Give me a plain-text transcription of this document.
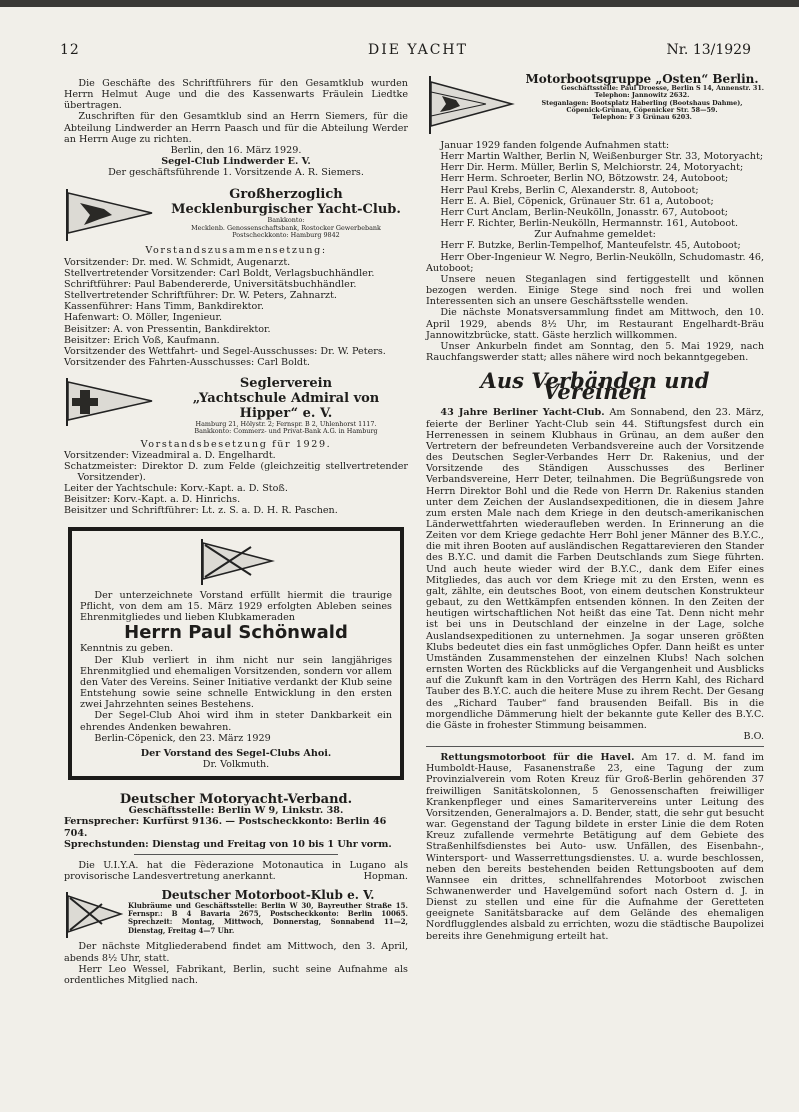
12	DIE YACHT	Nr. 13/1929

Die Geschäfte des Schriftführers für den Gesamtklub wurden Herrn Helmut Auge und die des Kassenwarts Fräulein Liedtke übertragen.

Zuschriften für den Gesamtklub sind an Herrn Siemers, für die Abteilung Lindwerder an Herrn Paasch und für die Abteilung Werder an Herrn Auge zu richten.

Berlin, den 16. März 1929.

Segel-Club Lindwerder E. V.

Der geschäftsführende 1. Vorsitzende A. R. Siemers.

Großherzoglich
Mecklenburgischer Yacht-Club.
Bankkonto:
Mecklenb. Genossenschaftsbank, Rostocker Gewerbebank
Postscheckkonto: Hamburg 9842

Vorstandszusammensetzung:

Vorsitzender: Dr. med. W. Schmidt, Augenarzt.

Stellvertretender Vorsitzender: Carl Boldt, Verlagsbuchhändler.

Schriftführer: Paul Babendererde, Universitätsbuchhändler.

Stellvertretender Schriftführer: Dr. W. Peters, Zahnarzt.

Kassenführer: Hans Timm, Bankdirektor.

Hafenwart: O. Möller, Ingenieur.

Beisitzer: A. von Pressentin, Bankdirektor.

Beisitzer: Erich Voß, Kaufmann.

Vorsitzender des Wettfahrt- und Segel-Ausschusses: Dr. W. Peters.

Vorsitzender des Fahrten-Ausschusses: Carl Boldt.

Seglerverein
„Yachtschule Admiral von Hipper“ e. V.
Hamburg 21, Hölystr. 2; Fernspr. B 2, Uhlenhorst 1117.
Bankkonto: Commerz- und Privat-Bank A.G. in Hamburg

Vorstandsbesetzung für 1929.

Vorsitzender: Vizeadmiral a. D. Engelhardt.

Schatzmeister: Direktor D. zum Felde (gleichzeitig stellvertretender Vorsitzender).

Leiter der Yachtschule: Korv.-Kapt. a. D. Stoß.

Beisitzer: Korv.-Kapt. a. D. Hinrichs.

Beisitzer und Schriftführer: Lt. z. S. a. D. H. R. Paschen.

Der unterzeichnete Vorstand erfüllt hiermit die traurige Pflicht, von dem am 15. März 1929 erfolgten Ableben seines Ehrenmitgliedes und lieben Klubkameraden

Herrn Paul Schönwald

Kenntnis zu geben.

Der Klub verliert in ihm nicht nur sein langjähriges Ehrenmitglied und ehemaligen Vorsitzenden, sondern vor allem den Vater des Vereins. Seiner Initiative verdankt der Klub seine Entstehung sowie seine schnelle Entwicklung in den ersten zwei Jahrzehnten seines Bestehens.

Der Segel-Club Ahoi wird ihm in steter Dankbarkeit ein ehrendes Andenken bewahren.

Berlin-Cöpenick, den 23. März 1929

Der Vorstand des Segel-Clubs Ahoi.

Dr. Volkmuth.

Deutscher Motoryacht-Verband.

Geschäftsstelle: Berlin W 9, Linkstr. 38.

Fernsprecher: Kurfürst 9136. — Postscheckkonto: Berlin 46 704.

Sprechstunden: Dienstag und Freitag von 10 bis 1 Uhr vorm.

Die U.I.Y.A. hat die Fèderazione Motonautica in Lugano als provisorische Landesvertretung anerkannt.	Hopman.

Deutscher Motorboot-Klub e. V.
Klubräume und Geschäftsstelle: Berlin W 30, Bayreuther Straße 15. Fernspr.: B 4 Bavaria 2675, Postscheckkonto: Berlin 10065. Sprechzeit: Montag, Mittwoch, Donnerstag, Sonnabend 11—2, Dienstag, Freitag 4—7 Uhr.

Der nächste Mitgliederabend findet am Mittwoch, den 3. April, abends 8½ Uhr, statt.

Herr Leo Wessel, Fabrikant, Berlin, sucht seine Aufnahme als ordentliches Mitglied nach.

Motorbootsgruppe „Osten“ Berlin.
Geschäftsstelle: Paul Droesse, Berlin S 14, Annenstr. 31.
Telephon: Jannowitz 2632.
Steganlagen: Bootsplatz Haberling (Bootshaus Dahme),
Cöpenick-Grünau, Cöpenicker Str. 58—59.
Telephon: F 3 Grünau 6203.

Januar 1929 fanden folgende Aufnahmen statt:

Herr Martin Walther, Berlin N, Weißenburger Str. 33, Motoryacht;

Herr Dir. Herm. Müller, Berlin S, Melchiorstr. 24, Motoryacht;

Herr Herm. Schroeter, Berlin NO, Bötzowstr. 24, Autoboot;

Herr Paul Krebs, Berlin C, Alexanderstr. 8, Autoboot;

Herr E. A. Biel, Cöpenick, Grünauer Str. 61 a, Autoboot;

Herr Curt Anclam, Berlin-Neukölln, Jonasstr. 67, Autoboot;

Herr F. Richter, Berlin-Neukölln, Hermannstr. 161, Autoboot.

Zur Aufnahme gemeldet:

Herr F. Butzke, Berlin-Tempelhof, Manteufelstr. 45, Autoboot;

Herr Ober-Ingenieur W. Negro, Berlin-Neukölln, Schudomastr. 46, Autoboot;

Unsere neuen Steganlagen sind fertiggestellt und können bezogen werden. Einige Stege sind noch frei und wollen Interessenten sich an unsere Geschäftsstelle wenden.

Die nächste Monatsversammlung findet am Mittwoch, den 10. April 1929, abends 8½ Uhr, im Restaurant Engelhardt-Bräu Jannowitzbrücke, statt. Gäste herzlich willkommen.

Unser Ankurbeln findet am Sonntag, den 5. Mai 1929, nach Rauchfangswerder statt; alles nähere wird noch bekanntgegeben.

Aus Verbänden und Vereinen

43 Jahre Berliner Yacht-Club. Am Sonnabend, den 23. März, feierte der Berliner Yacht-Club sein 44. Stiftungsfest durch ein Herrenessen in seinem Klubhaus in Grünau, an dem außer den Vertretern der befreundeten Verbandsvereine auch der Vorsitzende des Deutschen Segler-Verbandes Herr Dr. Rakenius, und der Vorsitzende des Ständigen Ausschusses des Berliner Verbandsvereine, Herr Deter, teilnahmen. Die Begrüßungsrede von Herrn Direktor Bohl und die Rede von Herrn Dr. Rakenius standen unter dem Zeichen der Auslandsexpeditionen, die in diesem Jahre zum ersten Male nach dem Kriege in den deutsch-amerikanischen Länderwettfahrten wiederaufleben werden. In Erinnerung an die Zeiten vor dem Kriege gedachte Herr Bohl jener Männer des B.Y.C., die mit ihren Booten auf ausländischen Regattarevieren den Stander des B.Y.C. und damit die Farben Deutschlands zum Siege führten. Und auch heute wieder wird der B.Y.C., dank dem Eifer eines Mitgliedes, das auch vor dem Kriege mit zu den Ersten, wenn es galt, zählte, ein deutsches Boot, von einem deutschen Konstrukteur gebaut, zu den Wettkämpfen entsenden können. In den Zeiten der heutigen wirtschaftlichen Not heißt das eine Tat. Denn nicht mehr ist bei uns in Deutschland der einzelne in der Lage, solche Auslandsexpeditionen zu unternehmen. Ja sogar unseren größten Klubs bedeutet dies ein fast unmögliches Opfer. Dann heißt es unter Umständen Zusammenstehen der einzelnen Klubs! Nach solchen ernsten Worten des Rückblicks auf die Vergangenheit und Ausblicks auf die Zukunft kam in den Vorträgen des Herrn Kahl, des Richard Tauber des B.Y.C. auch die heitere Muse zu ihrem Recht. Der Gesang des „Richard Tauber“ fand brausenden Beifall. Bis in die morgendliche Dämmerung hielt der bekannte gute Keller des B.Y.C. die Gäste in frohester Stimmung beisammen.

B.O.

Rettungsmotorboot für die Havel. Am 17. d. M. fand im Humboldt-Hause, Fasanenstraße 23, eine Tagung der zum Provinzialverein vom Roten Kreuz für Groß-Berlin gehörenden 37 freiwilligen Sanitätskolonnen, 5 Genossenschaften freiwilliger Krankenpfleger und eines Samaritervereins unter Leitung des Vorsitzenden, Generalmajors a. D. Bender, statt, die sehr gut besucht war. Gegenstand der Tagung bildete in erster Linie die dem Roten Kreuz zufallende vermehrte Betätigung auf dem Gebiete des Straßenhilfsdienstes bei Auto- usw. Unfällen, des Eisenbahn-, Wintersport- und Wasserrettungsdienstes. U. a. wurde beschlossen, neben den bereits bestehenden beiden Rettungsbooten auf dem Wannsee ein drittes, schnellfahrendes Motorboot zwischen Schwanenwerder und Havelgemünd sofort nach Ostern d. J. in Dienst zu stellen und eine für die Aufnahme der Geretteten geeignete Sanitätsbaracke auf dem Gelände des ehemaligen Nordflugglendes alsbald zu errichten, wozu die städtische Baupolizei bereits ihre Genehmigung erteilt hat.
